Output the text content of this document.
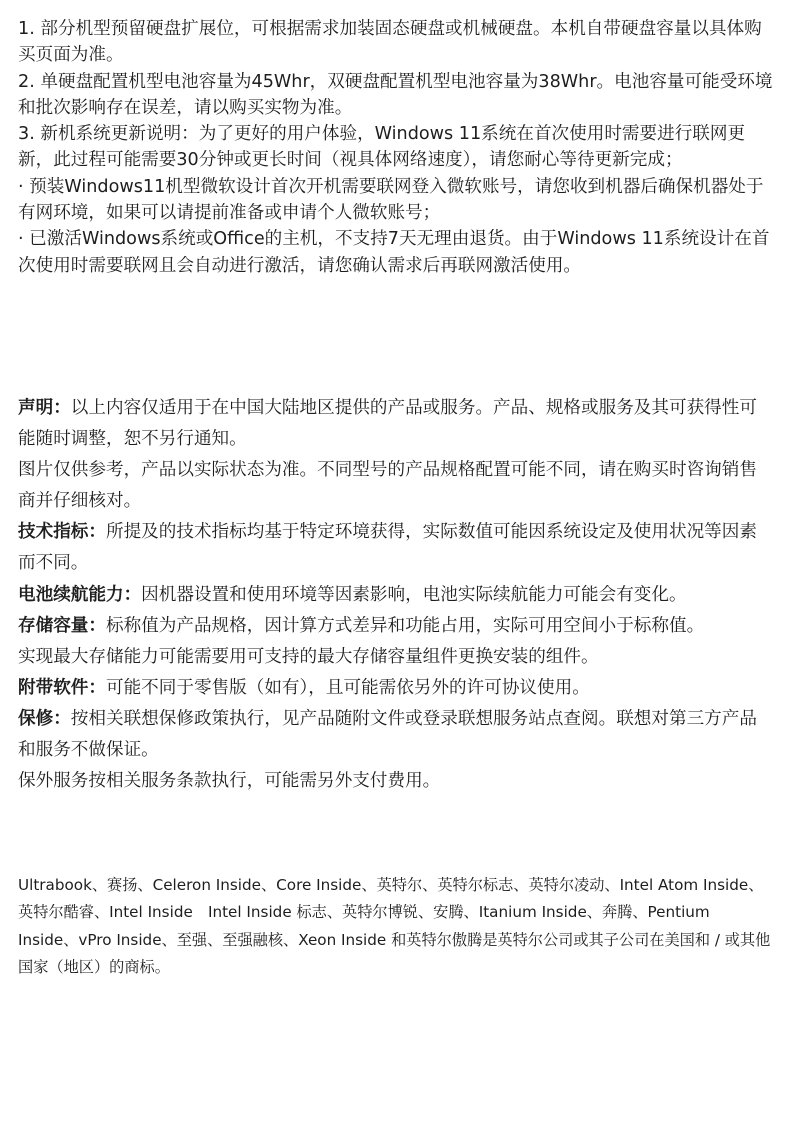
1. 部分机型预留硬盘扩展位，可根据需求加装固态硬盘或机械硬盘。本机自带硬盘容量以具体购买页面为准。

2. 单硬盘配置机型电池容量为45Whr，双硬盘配置机型电池容量为38Whr。电池容量可能受环境和批次影响存在误差，请以购买实物为准。

3. 新机系统更新说明：为了更好的用户体验，Windows 11系统在首次使用时需要进行联网更新，此过程可能需要30分钟或更长时间（视具体网络速度），请您耐心等待更新完成；

· 预装Windows11机型微软设计首次开机需要联网登入微软账号，请您收到机器后确保机器处于有网环境，如果可以请提前准备或申请个人微软账号；

· 已激活Windows系统或Office的主机，不支持7天无理由退货。由于Windows 11系统设计在首次使用时需要联网且会自动进行激活，请您确认需求后再联网激活使用。

声明：以上内容仅适用于在中国大陆地区提供的产品或服务。产品、规格或服务及其可获得性可能随时调整，恕不另行通知。

图片仅供参考，产品以实际状态为准。不同型号的产品规格配置可能不同，请在购买时咨询销售商并仔细核对。

技术指标：所提及的技术指标均基于特定环境获得，实际数值可能因系统设定及使用状况等因素而不同。

电池续航能力：因机器设置和使用环境等因素影响，电池实际续航能力可能会有变化。

存储容量：标称值为产品规格，因计算方式差异和功能占用，实际可用空间小于标称值。

实现最大存储能力可能需要用可支持的最大存储容量组件更换安装的组件。

附带软件：可能不同于零售版（如有），且可能需依另外的许可协议使用。

保修：按相关联想保修政策执行，见产品随附文件或登录联想服务站点查阅。联想对第三方产品和服务不做保证。

保外服务按相关服务条款执行，可能需另外支付费用。

Ultrabook、赛扬、Celeron Inside、Core Inside、英特尔、英特尔标志、英特尔凌动、Intel Atom Inside、英特尔酷睿、Intel Inside　Intel Inside 标志、英特尔博锐、安腾、Itanium Inside、奔腾、Pentium Inside、vPro Inside、至强、至强融核、Xeon Inside 和英特尔傲腾是英特尔公司或其子公司在美国和 / 或其他国家（地区）的商标。
